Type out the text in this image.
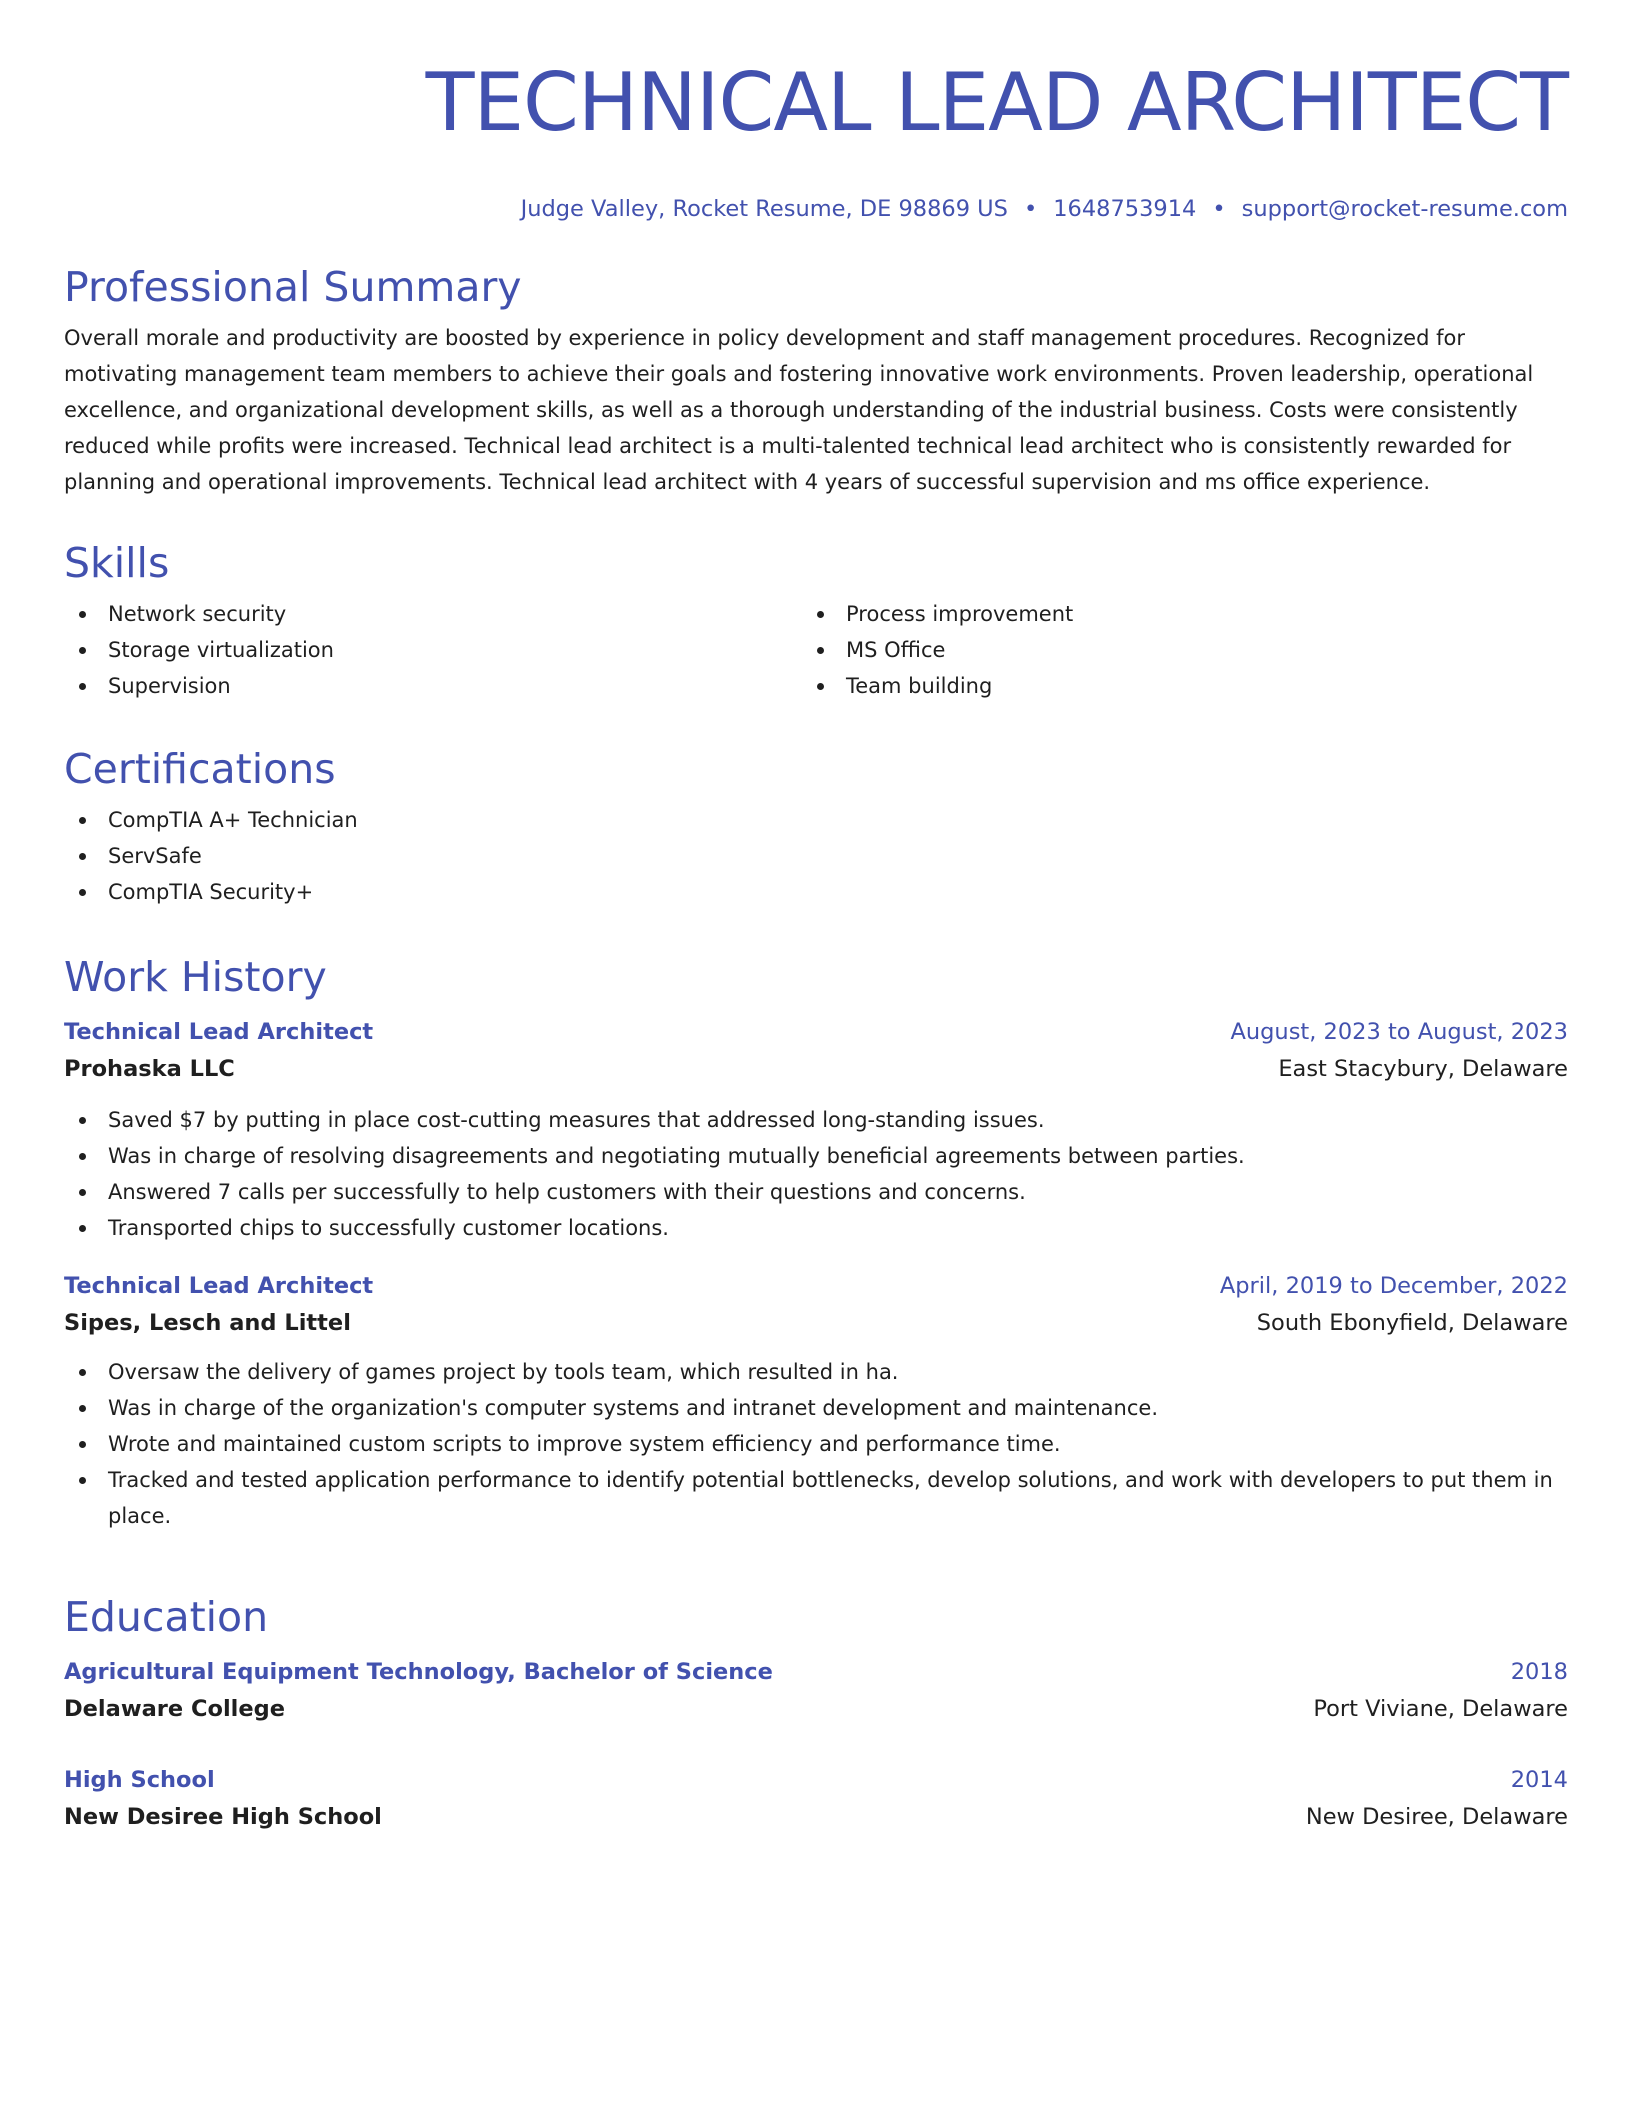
TECHNICAL LEAD ARCHITECT
Judge Valley, Rocket Resume, DE 98869 US • 1648753914 • support@rocket-resume.com
Professional Summary

Overall morale and productivity are boosted by experience in policy development and staff management procedures. Recognized for motivating management team members to achieve their goals and fostering innovative work environments. Proven leadership, operational excellence, and organizational development skills, as well as a thorough understanding of the industrial business. Costs were consistently reduced while profits were increased. Technical lead architect is a multi-talented technical lead architect who is consistently rewarded for planning and operational improvements. Technical lead architect with 4 years of successful supervision and ms office experience.

Skills
Network security
Storage virtualization
Supervision
Process improvement
MS Office
Team building
Certifications
CompTIA A+ Technician
ServSafe
CompTIA Security+
Work History
Technical Lead Architect	August, 2023 to August, 2023
Prohaska LLC	East Stacybury, Delaware
Saved $7 by putting in place cost-cutting measures that addressed long-standing issues.
Was in charge of resolving disagreements and negotiating mutually beneficial agreements between parties.
Answered 7 calls per successfully to help customers with their questions and concerns.
Transported chips to successfully customer locations.
Technical Lead Architect	April, 2019 to December, 2022
Sipes, Lesch and Littel	South Ebonyfield, Delaware
Oversaw the delivery of games project by tools team, which resulted in ha.
Was in charge of the organization's computer systems and intranet development and maintenance.
Wrote and maintained custom scripts to improve system efficiency and performance time.
Tracked and tested application performance to identify potential bottlenecks, develop solutions, and work with developers to put them in place.
Education
Agricultural Equipment Technology, Bachelor of Science	2018
Delaware College	Port Viviane, Delaware
High School	2014
New Desiree High School	New Desiree, Delaware
